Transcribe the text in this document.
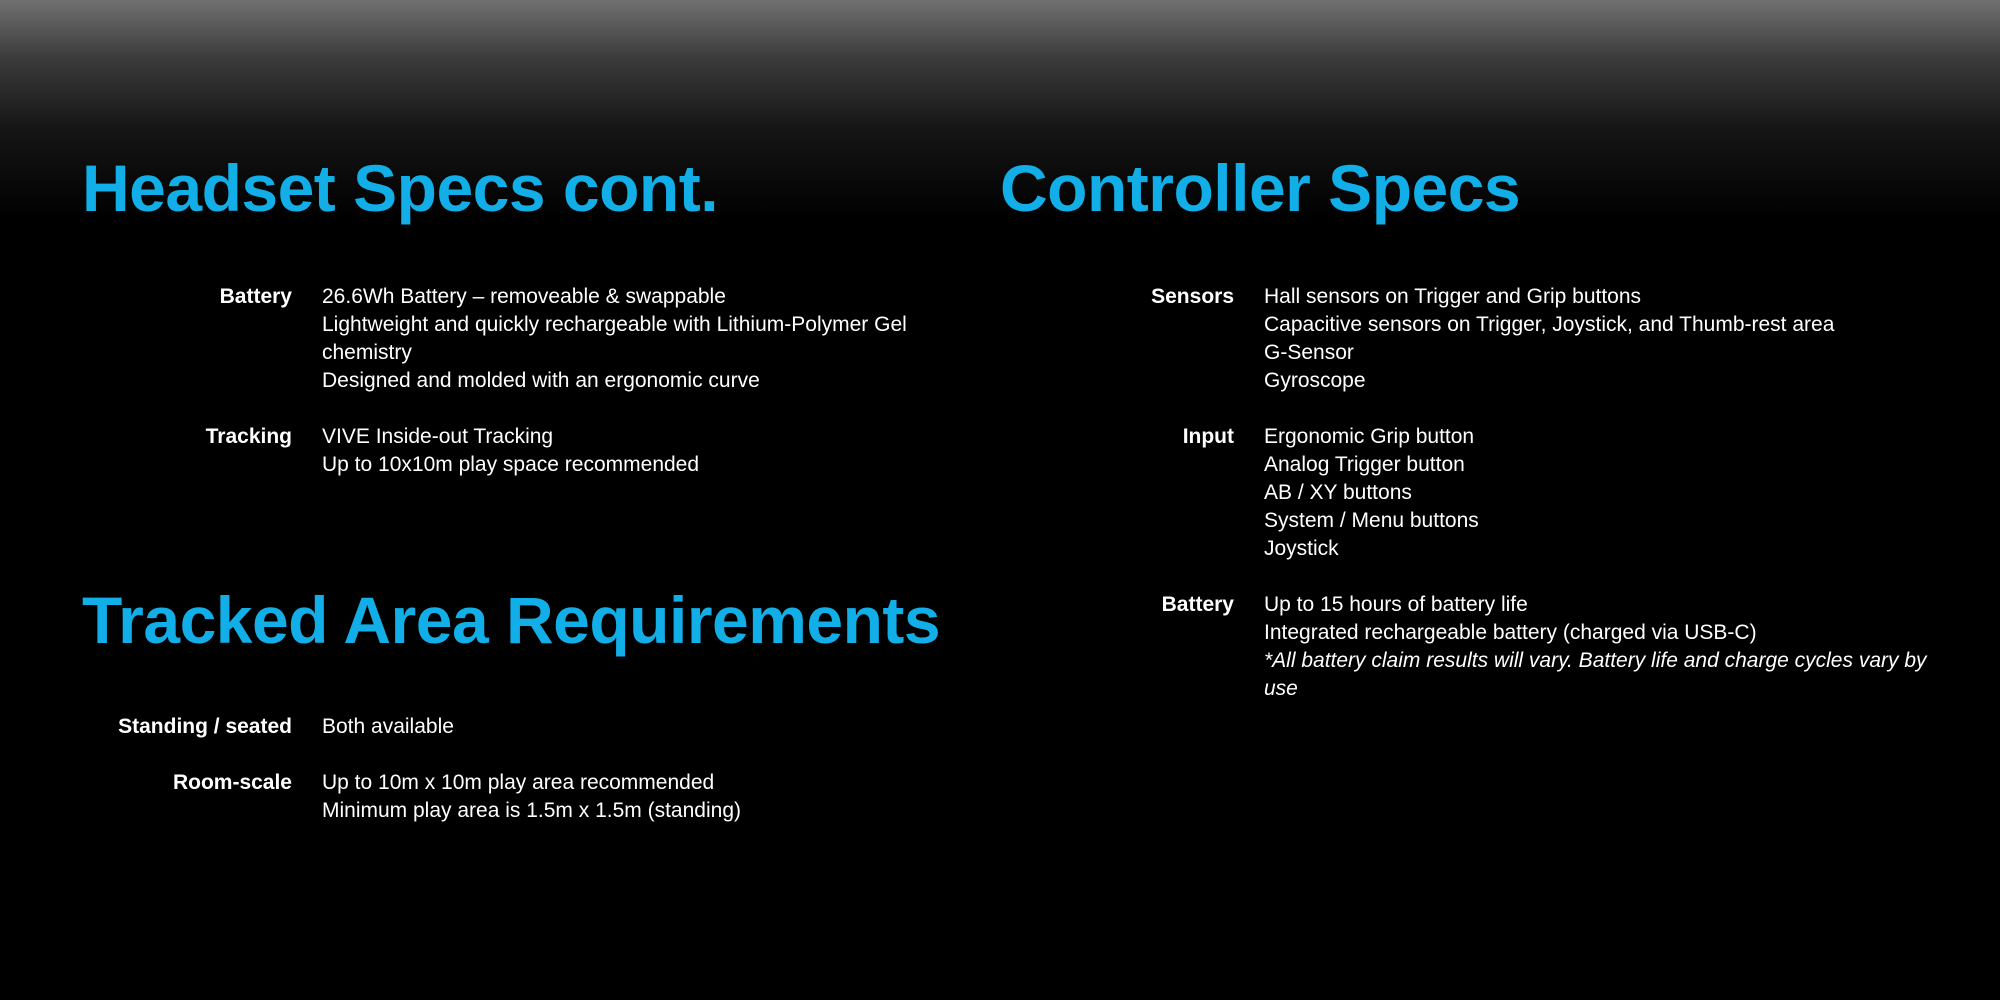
Headset Specs cont.
Battery 26.6Wh Battery – removeable & swappable
Lightweight and quickly rechargeable with Lithium-Polymer Gel chemistry
Designed and molded with an ergonomic curve
Tracking VIVE Inside-out Tracking
Up to 10x10m play space recommended
Tracked Area Requirements
Standing / seated Both available
Room-scale Up to 10m x 10m play area recommended
Minimum play area is 1.5m x 1.5m (standing)
Controller Specs
Sensors Hall sensors on Trigger and Grip buttons
Capacitive sensors on Trigger, Joystick, and Thumb-rest area
G-Sensor
Gyroscope
Input Ergonomic Grip button
Analog Trigger button
AB / XY buttons
System / Menu buttons
Joystick
Battery Up to 15 hours of battery life
Integrated rechargeable battery (charged via USB-C)
*All battery claim results will vary. Battery life and charge cycles vary by use
